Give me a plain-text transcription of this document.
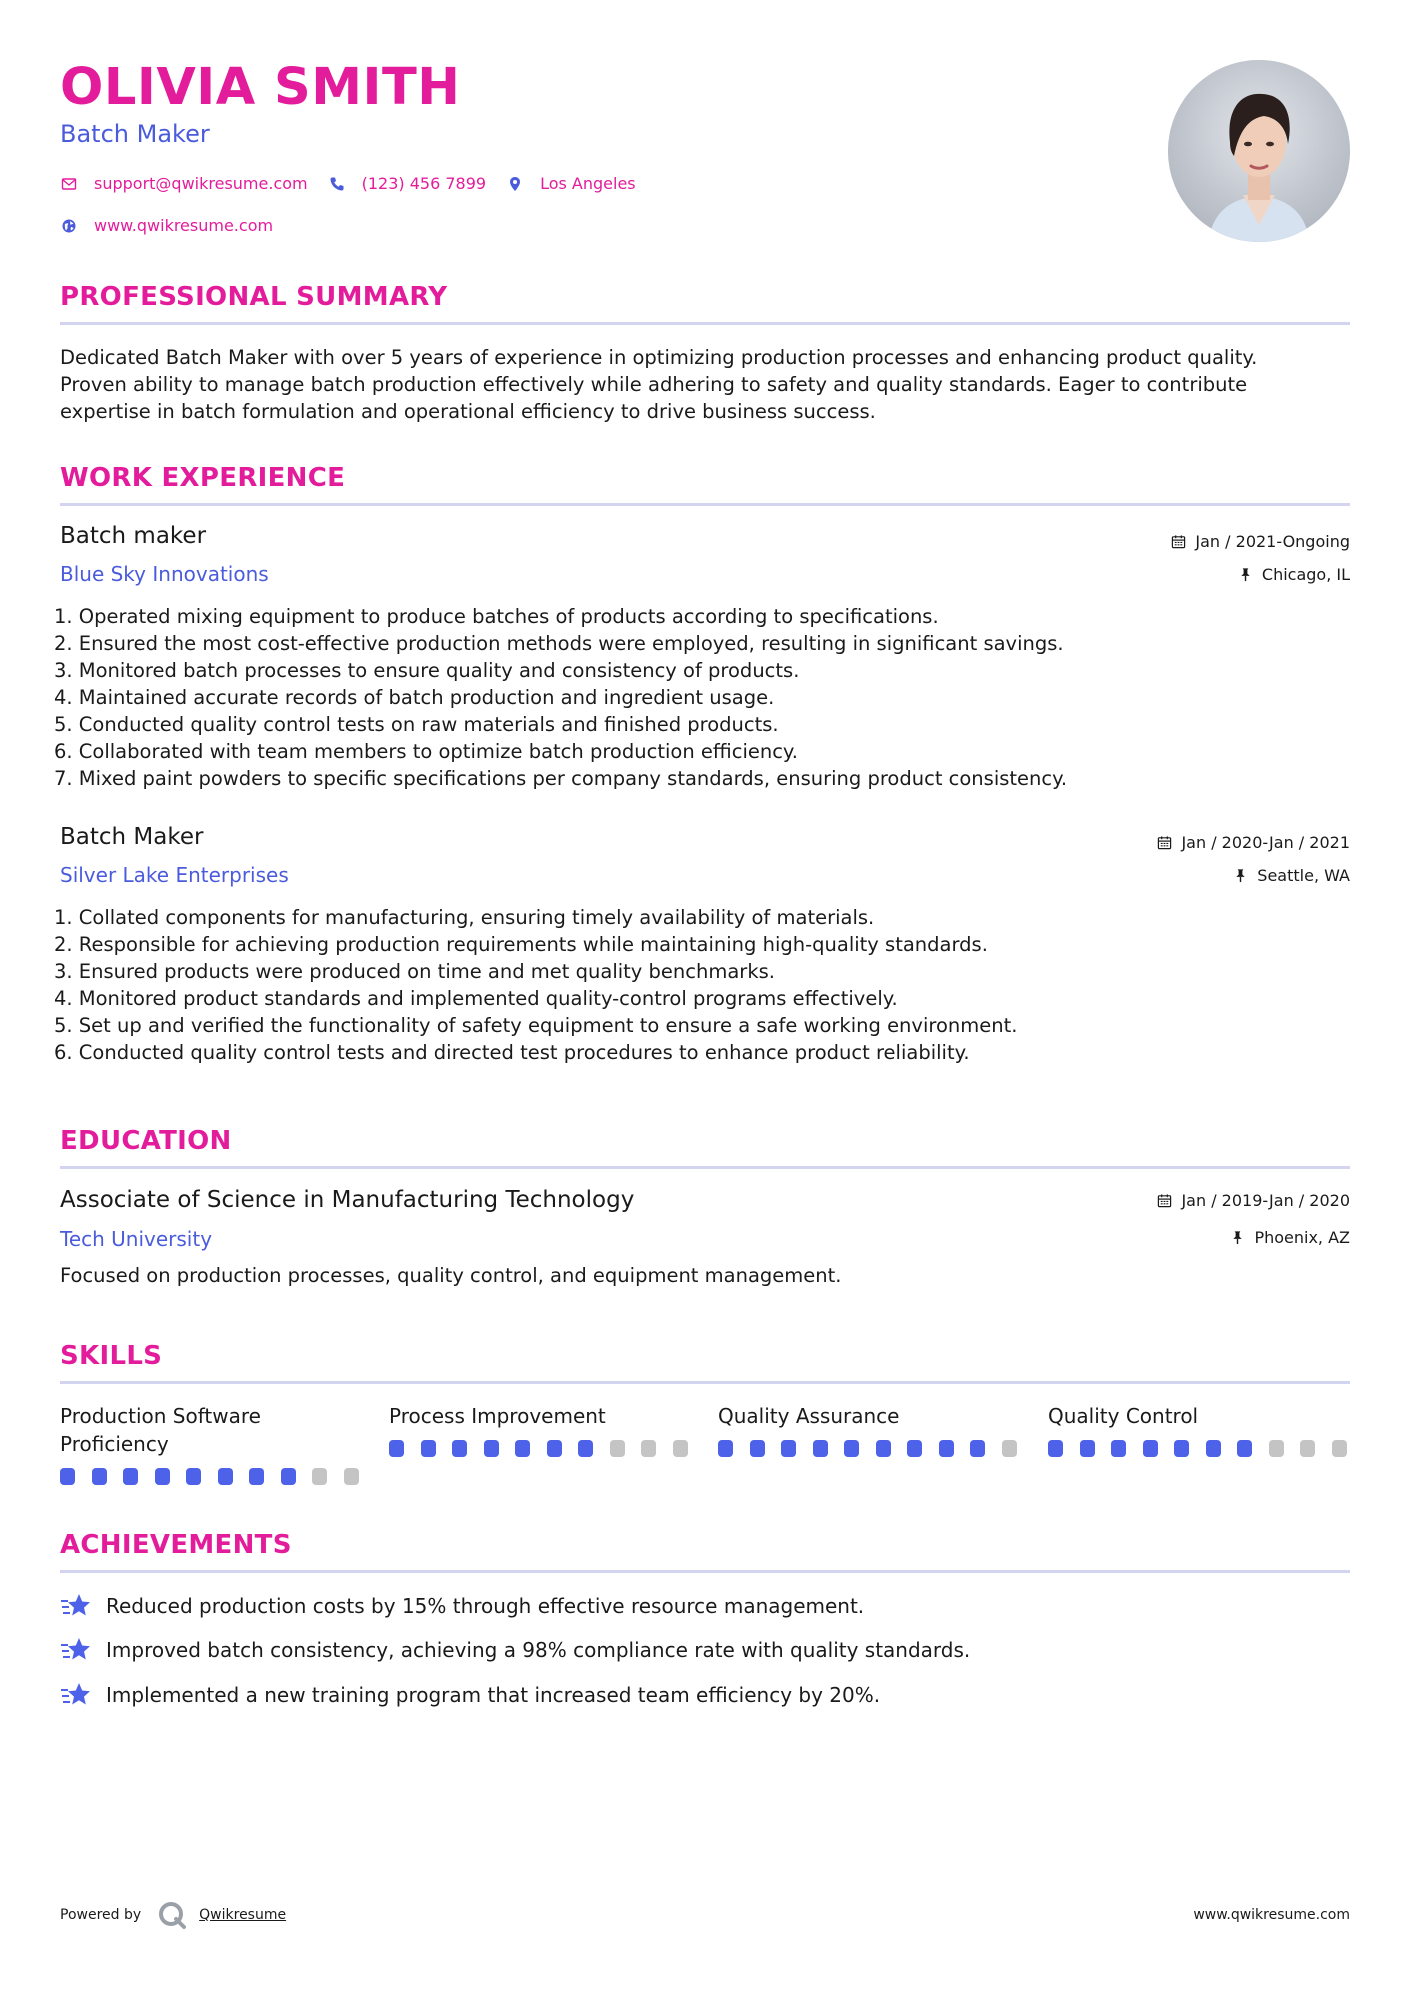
OLIVIA SMITH
Batch Maker
support@qwikresume.com	(123) 456 7899	Los Angeles
www.qwikresume.com
PROFESSIONAL SUMMARY
Dedicated Batch Maker with over 5 years of experience in optimizing production processes and enhancing product quality.
Proven ability to manage batch production effectively while adhering to safety and quality standards. Eager to contribute
expertise in batch formulation and operational efficiency to drive business success.
WORK EXPERIENCE
Batch maker
Blue Sky Innovations
Jan / 2021-Ongoing
Chicago, IL
1. Operated mixing equipment to produce batches of products according to specifications.
2. Ensured the most cost-effective production methods were employed, resulting in significant savings.
3. Monitored batch processes to ensure quality and consistency of products.
4. Maintained accurate records of batch production and ingredient usage.
5. Conducted quality control tests on raw materials and finished products.
6. Collaborated with team members to optimize batch production efficiency.
7. Mixed paint powders to specific specifications per company standards, ensuring product consistency.
Batch Maker
Silver Lake Enterprises
Jan / 2020-Jan / 2021
Seattle, WA
1. Collated components for manufacturing, ensuring timely availability of materials.
2. Responsible for achieving production requirements while maintaining high-quality standards.
3. Ensured products were produced on time and met quality benchmarks.
4. Monitored product standards and implemented quality-control programs effectively.
5. Set up and verified the functionality of safety equipment to ensure a safe working environment.
6. Conducted quality control tests and directed test procedures to enhance product reliability.
EDUCATION
Associate of Science in Manufacturing Technology
Tech University
Jan / 2019-Jan / 2020
Phoenix, AZ
Focused on production processes, quality control, and equipment management.
SKILLS
Production Software
Proficiency
Process Improvement	Quality Assurance	Quality Control
ACHIEVEMENTS
Reduced production costs by 15% through effective resource management.
Improved batch consistency, achieving a 98% compliance rate with quality standards.
Implemented a new training program that increased team efficiency by 20%.
Powered by	Qwikresume	www.qwikresume.com
